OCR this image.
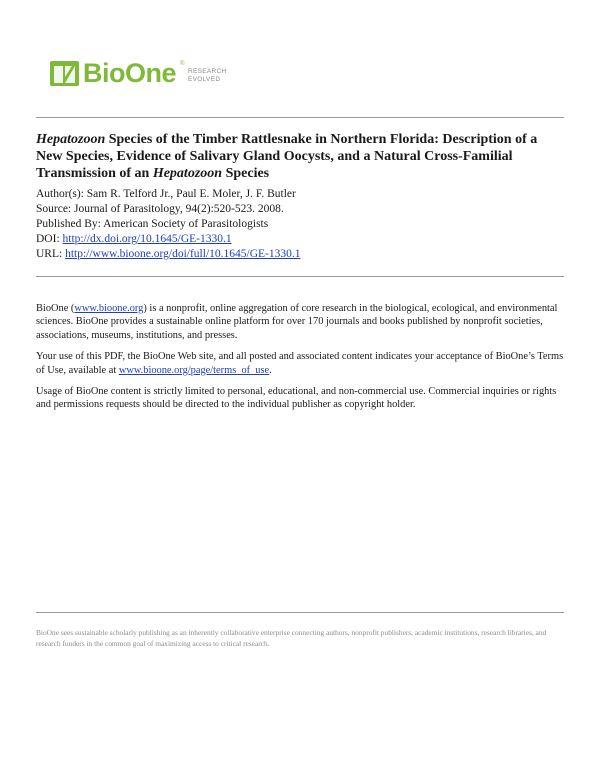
BioOne ®
RESEARCH
EVOLVED
Hepatozoon Species of the Timber Rattlesnake in Northern Florida: Description of a New Species, Evidence of Salivary Gland Oocysts, and a Natural Cross-Familial Transmission of an Hepatozoon Species
Author(s): Sam R. Telford Jr., Paul E. Moler, J. F. Butler
Source: Journal of Parasitology, 94(2):520-523. 2008.
Published By: American Society of Parasitologists
DOI: http://dx.doi.org/10.1645/GE-1330.1
URL: http://www.bioone.org/doi/full/10.1645/GE-1330.1

BioOne (www.bioone.org) is a nonprofit, online aggregation of core research in the biological, ecological, and environmental sciences. BioOne provides a sustainable online platform for over 170 journals and books published by nonprofit societies, associations, museums, institutions, and presses.

Your use of this PDF, the BioOne Web site, and all posted and associated content indicates your acceptance of BioOne’s Terms of Use, available at www.bioone.org/page/terms_of_use.

Usage of BioOne content is strictly limited to personal, educational, and non-commercial use. Commercial inquiries or rights and permissions requests should be directed to the individual publisher as copyright holder.

BioOne sees sustainable scholarly publishing as an inherently collaborative enterprise connecting authors, nonprofit publishers, academic institutions, research libraries, and research funders in the common goal of maximizing access to critical research.
